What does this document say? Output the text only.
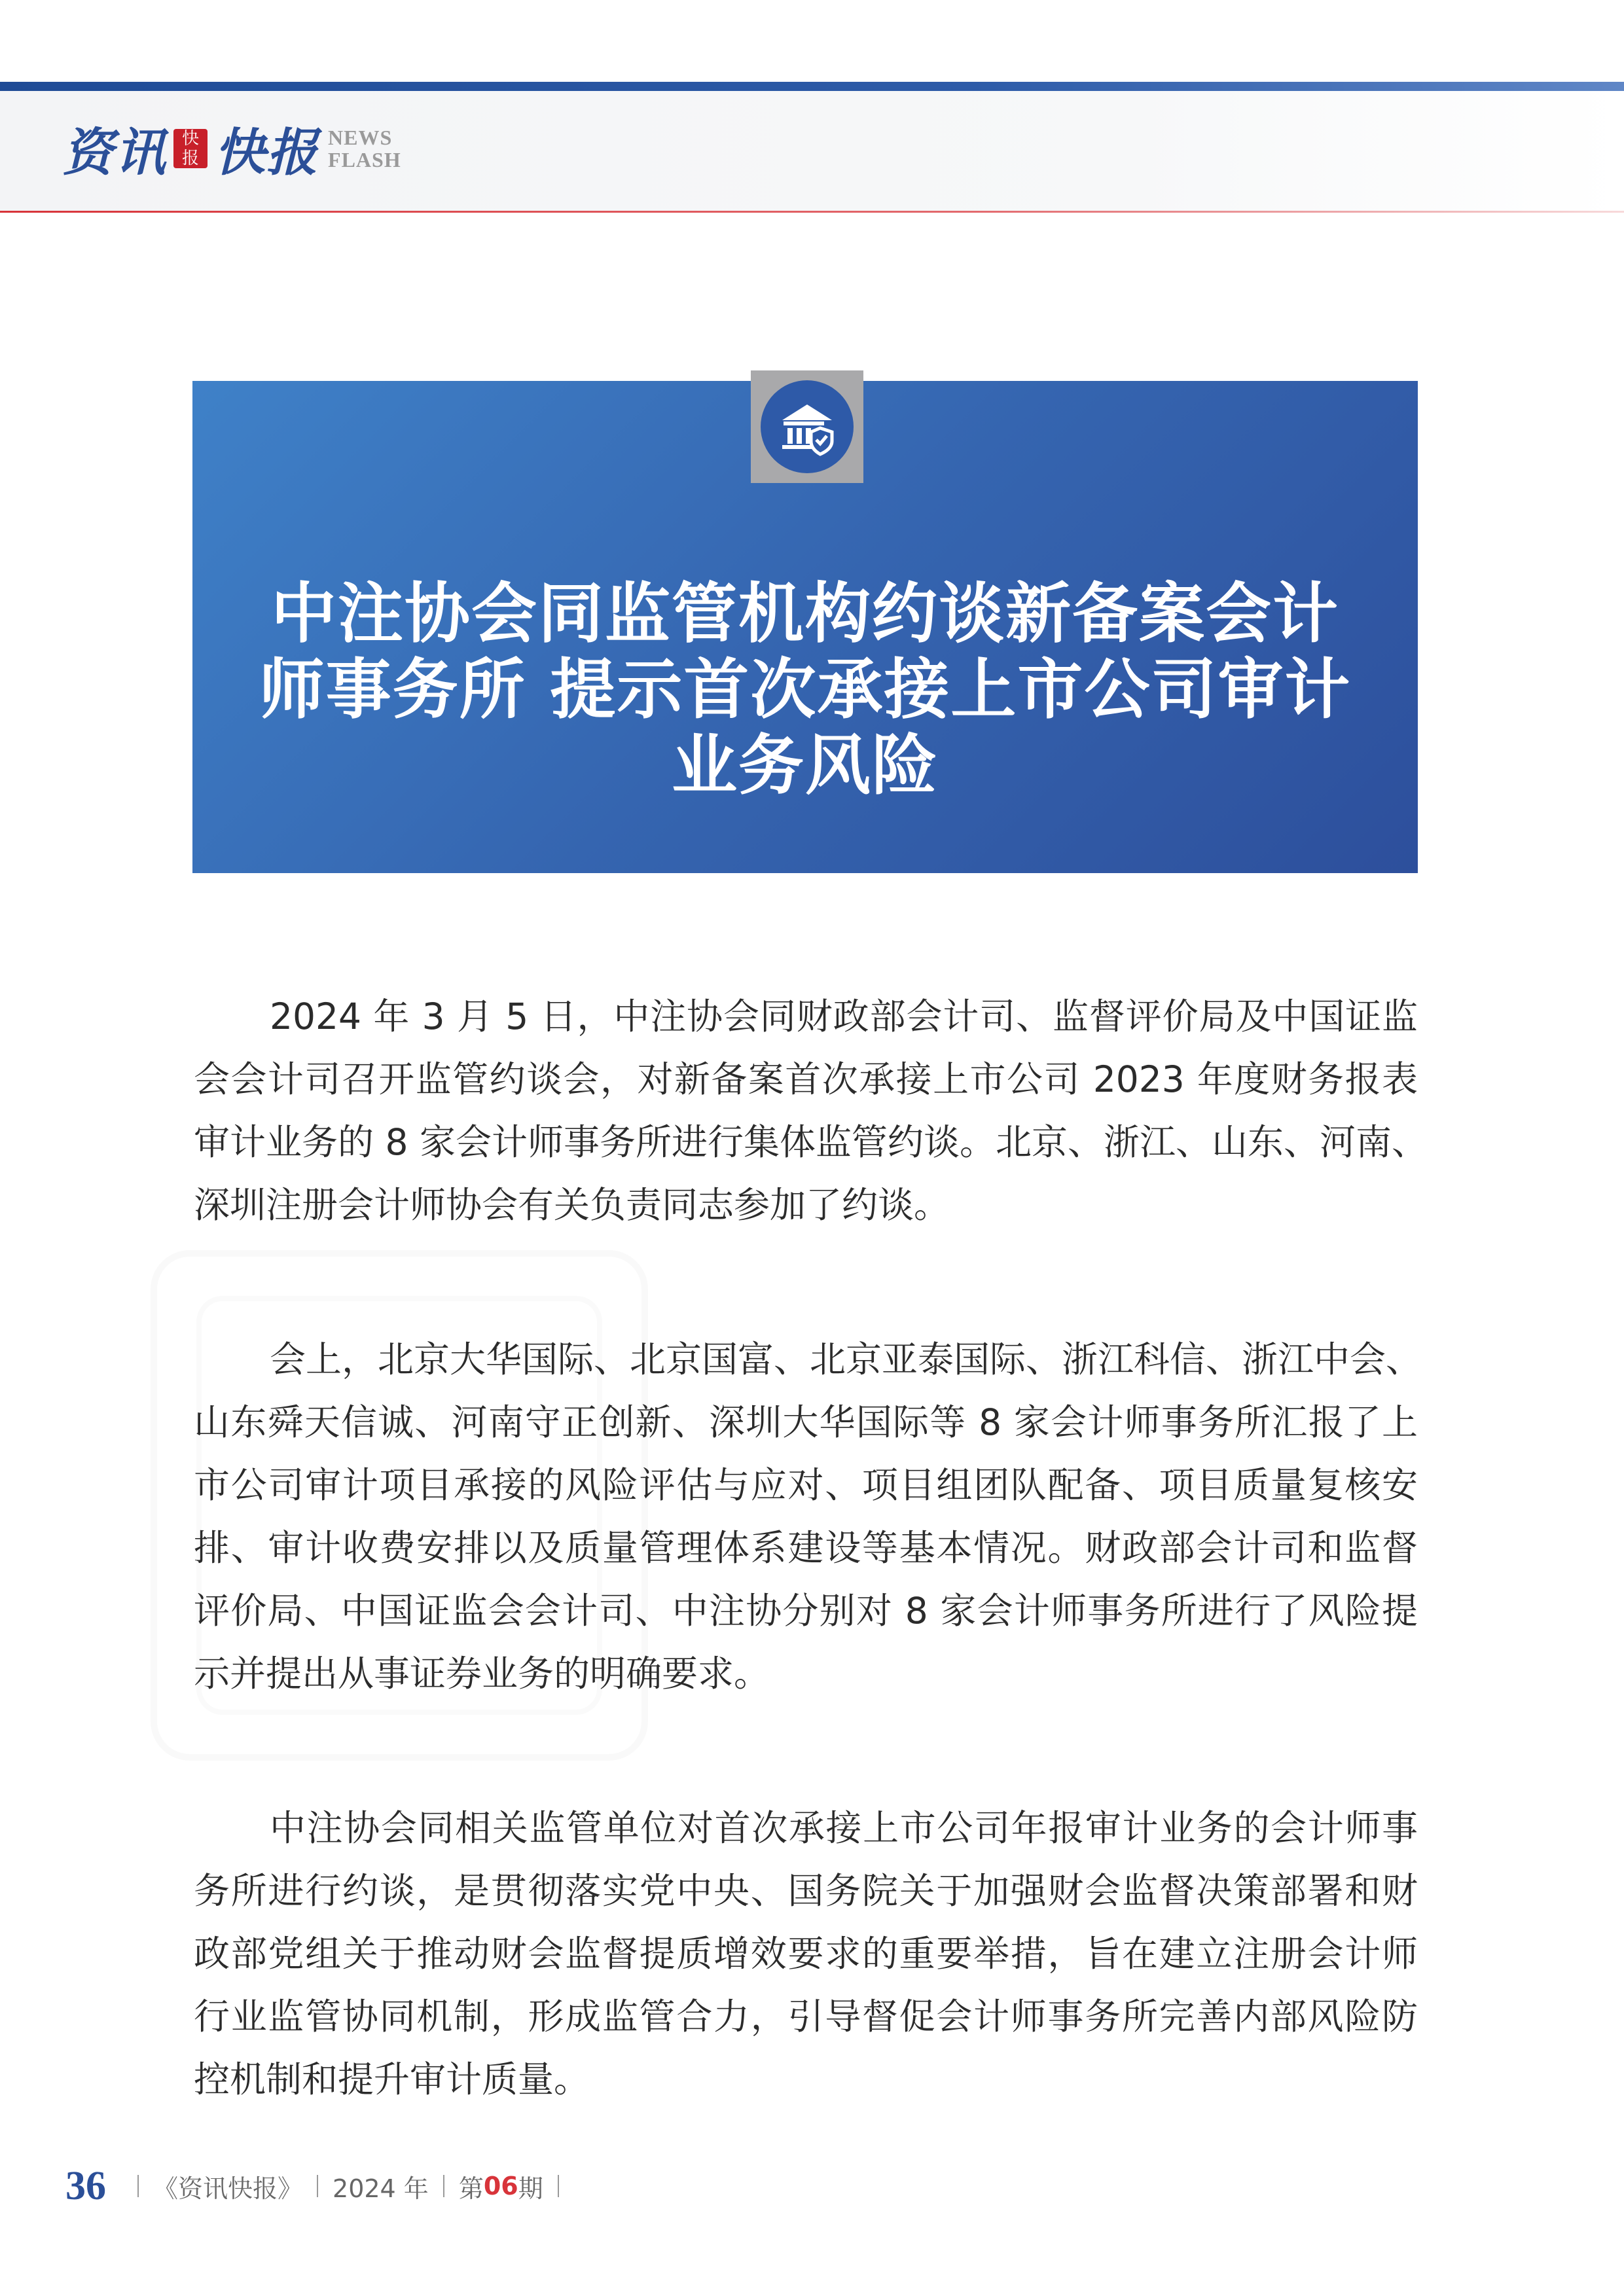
资讯 快
报 快报 NEWS
FLASH
中注协会同监管机构约谈新备案会计
师事务所 提示首次承接上市公司审计
业务风险
2024 年 3 月 5 日，中注协会同财政部会计司、监督评价局及中国证监
会会计司召开监管约谈会，对新备案首次承接上市公司 2023 年度财务报表
审计业务的 8 家会计师事务所进行集体监管约谈。北京、浙江、山东、河南、
深圳注册会计师协会有关负责同志参加了约谈。
会上，北京大华国际、北京国富、北京亚泰国际、浙江科信、浙江中会、
山东舜天信诚、河南守正创新、深圳大华国际等 8 家会计师事务所汇报了上
市公司审计项目承接的风险评估与应对、项目组团队配备、项目质量复核安
排、审计收费安排以及质量管理体系建设等基本情况。财政部会计司和监督
评价局、中国证监会会计司、中注协分别对 8 家会计师事务所进行了风险提
示并提出从事证券业务的明确要求。
中注协会同相关监管单位对首次承接上市公司年报审计业务的会计师事
务所进行约谈，是贯彻落实党中央、国务院关于加强财会监督决策部署和财
政部党组关于推动财会监督提质增效要求的重要举措，旨在建立注册会计师
行业监管协同机制，形成监管合力，引导督促会计师事务所完善内部风险防
控机制和提升审计质量。
36 《资讯快报》 2024 年 第 06 期
